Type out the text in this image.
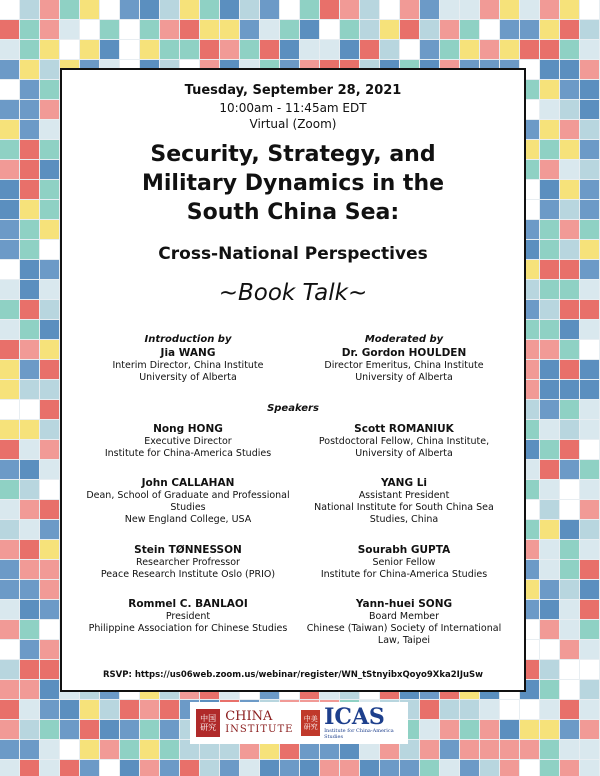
Tuesday, September 28, 2021
10:00am - 11:45am EDT
Virtual (Zoom)
Security, Strategy, and
Military Dynamics in the
South China Sea:
Cross-National Perspectives
~Book Talk~
Introduction by
Jia WANG
Interim Director, China Institute
University of Alberta
Moderated by
Dr. Gordon HOULDEN
Director Emeritus, China Institute
University of Alberta
Speakers
Nong HONG
Executive Director
Institute for China-America Studies
John CALLAHAN
Dean, School of Graduate and Professional
Studies
New England College, USA
Stein TØNNESSON
Researcher Profressor
Peace Research Institute Oslo (PRIO)
Rommel C. BANLAOI
President
Philippine Association for Chinese Studies
Scott ROMANIUK
Postdoctoral Fellow, China Institute,
University of Alberta
YANG Li
Assistant President
National Institute for South China Sea
Studies, China
Sourabh GUPTA
Senior Fellow
Institute for China-America Studies
Yann-huei SONG
Board Member
Chinese (Taiwan) Society of International
Law, Taipei
RSVP: https://us06web.zoom.us/webinar/register/WN_tStnyibxQoyo9Xka2IJuSw
中国
研究
CHINA
INSTITUTE
中美
研究 ICAS
Institute for China-America Studies
